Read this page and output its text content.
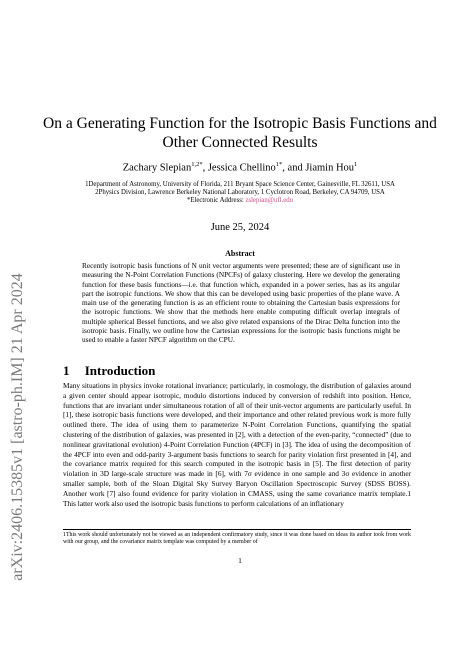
arXiv:2406.15385v1 [astro-ph.IM] 21 Apr 2024
On a Generating Function for the Isotropic Basis Functions and Other Connected Results
Zachary Slepian$^{1,2*}$, Jessica Chellino$^{1*}$, and Jiamin Hou$^1$
1Department of Astronomy, University of Florida, 211 Bryant Space Science Center, Gainesville, FL 32611, USA
2Physics Division, Lawrence Berkeley National Laboratory, 1 Cyclotron Road, Berkeley, CA 94709, USA
*Electronic Address: zslepian@ufl.edu
June 25, 2024
Abstract
Recently isotropic basis functions of N unit vector arguments were presented; these are of significant use in measuring the N-Point Correlation Functions (NPCFs) of galaxy clustering. Here we develop the generating function for these basis functions—i.e. that function which, expanded in a power series, has as its angular part the isotropic functions. We show that this can be developed using basic properties of the plane wave. A main use of the generating function is as an efficient route to obtaining the Cartesian basis expressions for the isotropic functions. We show that the methods here enable computing difficult overlap integrals of multiple spherical Bessel functions, and we also give related expansions of the Dirac Delta function into the isotropic basis. Finally, we outline how the Cartesian expressions for the isotropic basis functions might be used to enable a faster NPCF algorithm on the CPU.
1 Introduction
Many situations in physics invoke rotational invariance; particularly, in cosmology, the distribution of galaxies around a given center should appear isotropic, modulo distortions induced by conversion of redshift into position. Hence, functions that are invariant under simultaneous rotation of all of their unit-vector arguments are particularly useful. In [1], these isotropic basis functions were developed, and their importance and other related previous work is more fully outlined there. The idea of using them to parameterize N-Point Correlation Functions, quantifying the spatial clustering of the distribution of galaxies, was presented in [2], with a detection of the even-parity, “connected” (due to nonlinear gravitational evolution) 4-Point Correlation Function (4PCF) in [3]. The idea of using the decomposition of the 4PCF into even and odd-parity 3-argument basis functions to search for parity violation first presented in [4], and the covariance matrix required for this search computed in the isotropic basis in [5]. The first detection of parity violation in 3D large-scale structure was made in [6], with 7σ evidence in one sample and 3σ evidence in another smaller sample, both of the Sloan Digital Sky Survey Baryon Oscillation Spectroscopic Survey (SDSS BOSS). Another work [7] also found evidence for parity violation in CMASS, using the same covariance matrix template.1 This latter work also used the isotropic basis functions to perform calculations of an inflationary
1This work should unfortunately not be viewed as an independent confirmatory study, since it was done based on ideas its author took from work with our group, and the covariance matrix template was computed by a member of
1
